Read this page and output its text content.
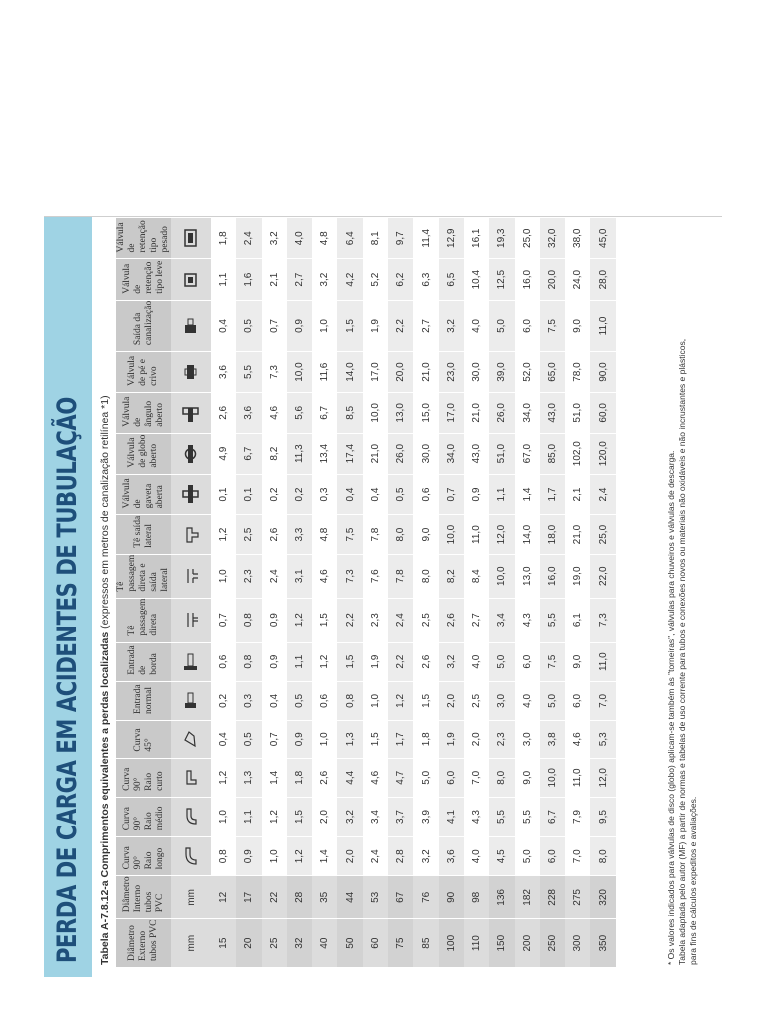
PERDA DE CARGA EM ACIDENTES DE TUBULAÇÃO Tabela A-7.8.12-a Comprimentos equivalentes a perdas localizadas (expressos em metros de canalização retilínea *1)
Diâmetro Externo tubos PVC	Diâmetro Interno tubos PVC	Curva 90° Raio longo	Curva 90° Raio médio	Curva 90° Raio curto	Curva 45°	Entrada normal	Entrada de borda	Tê passagem direta	Tê passagem direta e saída lateral	Tê saída lateral	Válvula de gaveta aberta	Válvula de globo aberto	Válvula de ângulo aberto	Válvula de pé e crivo	Saída da canalização	Válvula de retenção tipo leve	Válvula de retenção tipo pesado
mm	mm																
15	12	0,8	1,0	1,2	0,4	0,2	0,6	0,7	1,0	1,2	0,1	4,9	2,6	3,6	0,4	1,1	1,8
20	17	0,9	1,1	1,3	0,5	0,3	0,8	0,8	2,3	2,5	0,1	6,7	3,6	5,5	0,5	1,6	2,4
25	22	1,0	1,2	1,4	0,7	0,4	0,9	0,9	2,4	2,6	0,2	8,2	4,6	7,3	0,7	2,1	3,2
32	28	1,2	1,5	1,8	0,9	0,5	1,1	1,2	3,1	3,3	0,2	11,3	5,6	10,0	0,9	2,7	4,0
40	35	1,4	2,0	2,6	1,0	0,6	1,2	1,5	4,6	4,8	0,3	13,4	6,7	11,6	1,0	3,2	4,8
50	44	2,0	3,2	4,4	1,3	0,8	1,5	2,2	7,3	7,5	0,4	17,4	8,5	14,0	1,5	4,2	6,4
60	53	2,4	3,4	4,6	1,5	1,0	1,9	2,3	7,6	7,8	0,4	21,0	10,0	17,0	1,9	5,2	8,1
75	67	2,8	3,7	4,7	1,7	1,2	2,2	2,4	7,8	8,0	0,5	26,0	13,0	20,0	2,2	6,2	9,7
85	76	3,2	3,9	5,0	1,8	1,5	2,6	2,5	8,0	9,0	0,6	30,0	15,0	21,0	2,7	6,3	11,4
100	90	3,6	4,1	6,0	1,9	2,0	3,2	2,6	8,2	10,0	0,7	34,0	17,0	23,0	3,2	6,5	12,9
110	98	4,0	4,3	7,0	2,0	2,5	4,0	2,7	8,4	11,0	0,9	43,0	21,0	30,0	4,0	10,4	16,1
150	136	4,5	5,5	8,0	2,3	3,0	5,0	3,4	10,0	12,0	1,1	51,0	26,0	39,0	5,0	12,5	19,3
200	182	5,0	5,5	9,0	3,0	4,0	6,0	4,3	13,0	14,0	1,4	67,0	34,0	52,0	6,0	16,0	25,0
250	228	6,0	6,7	10,0	3,8	5,0	7,5	5,5	16,0	18,0	1,7	85,0	43,0	65,0	7,5	20,0	32,0
300	275	7,0	7,9	11,0	4,6	6,0	9,0	6,1	19,0	21,0	2,1	102,0	51,0	78,0	9,0	24,0	38,0
350	320	8,0	9,5	12,0	5,3	7,0	11,0	7,3	22,0	25,0	2,4	120,0	60,0	90,0	11,0	28,0	45,0
* Os valores indicados para válvulas de disco (globo) aplicam-se também às "torneiras", válvulas para chuveiros e válvulas de descarga. Tabela adaptada pelo autor (MF) a partir de normas e tabelas de uso corrente para tubos e conexões novos ou materiais não oxidáveis e não incrustantes e plásticos, para fins de cálculos expeditos e avaliações.
